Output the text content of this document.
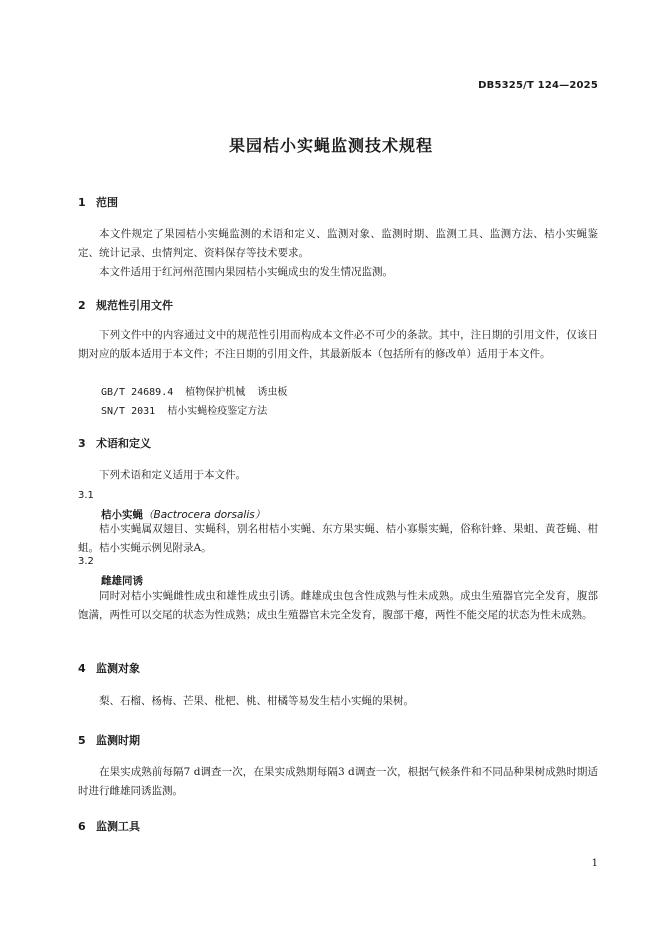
DB5325/T 124—2025
果园桔小实蝇监测技术规程
1 范围
本文件规定了果园桔小实蝇监测的术语和定义、监测对象、监测时期、监测工具、监测方法、桔小实蝇鉴定、统计记录、虫情判定、资料保存等技术要求。
本文件适用于红河州范围内果园桔小实蝇成虫的发生情况监测。
2 规范性引用文件
下列文件中的内容通过文中的规范性引用而构成本文件必不可少的条款。其中，注日期的引用文件，仅该日期对应的版本适用于本文件；不注日期的引用文件，其最新版本（包括所有的修改单）适用于本文件。
GB/T 24689.4  植物保护机械  诱虫板
SN/T 2031  桔小实蝇检疫鉴定方法
3 术语和定义
下列术语和定义适用于本文件。
3.1
桔小实蝇（Bactrocera dorsalis）
桔小实蝇属双翅目、实蝇科，别名柑桔小实蝇、东方果实蝇、桔小寡鬃实蝇，俗称针蜂、果蛆、黄苍蝇、柑蛆。桔小实蝇示例见附录A。
3.2
雌雄同诱
同时对桔小实蝇雌性成虫和雄性成虫引诱。雌雄成虫包含性成熟与性未成熟。成虫生殖器官完全发育，腹部饱满，两性可以交尾的状态为性成熟；成虫生殖器官未完全发育，腹部干瘪，两性不能交尾的状态为性未成熟。
4 监测对象
梨、石榴、杨梅、芒果、枇杷、桃、柑橘等易发生桔小实蝇的果树。
5 监测时期
在果实成熟前每隔7 d调查一次，在果实成熟期每隔3 d调查一次，根据气候条件和不同品种果树成熟时期适时进行雌雄同诱监测。
6 监测工具
1
